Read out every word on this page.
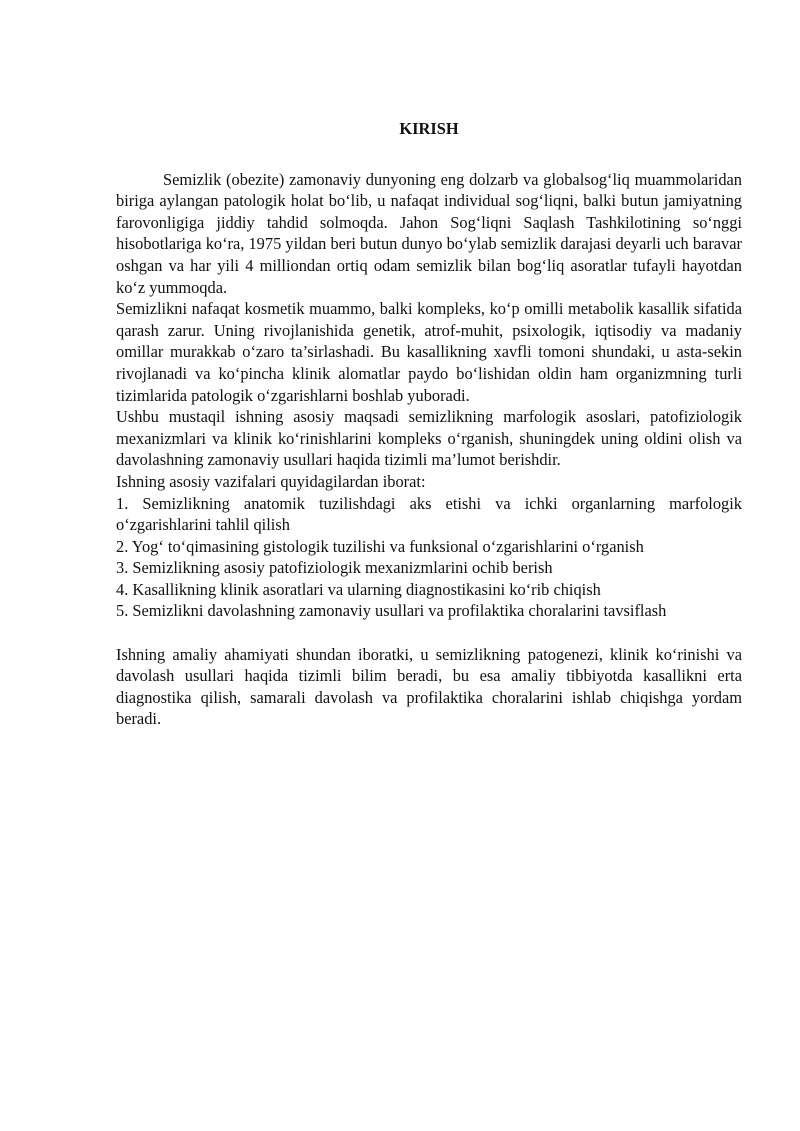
KIRISH

Semizlik (obezite) zamonaviy dunyoning eng dolzarb va globalsog‘liq muammolaridan biriga aylangan patologik holat bo‘lib, u nafaqat individual sog‘liqni, balki butun jamiyatning farovonligiga jiddiy tahdid solmoqda. Jahon Sog‘liqni Saqlash Tashkilotining so‘nggi hisobotlariga ko‘ra, 1975 yildan beri butun dunyo bo‘ylab semizlik darajasi deyarli uch baravar oshgan va har yili 4 milliondan ortiq odam semizlik bilan bog‘liq asoratlar tufayli hayotdan ko‘z yummoqda.

Semizlikni nafaqat kosmetik muammo, balki kompleks, ko‘p omilli metabolik kasallik sifatida qarash zarur. Uning rivojlanishida genetik, atrof-muhit, psixologik, iqtisodiy va madaniy omillar murakkab o‘zaro ta’sirlashadi. Bu kasallikning xavfli tomoni shundaki, u asta-sekin rivojlanadi va ko‘pincha klinik alomatlar paydo bo‘lishidan oldin ham organizmning turli tizimlarida patologik o‘zgarishlarni boshlab yuboradi.

Ushbu mustaqil ishning asosiy maqsadi semizlikning marfologik asoslari, patofiziologik mexanizmlari va klinik ko‘rinishlarini kompleks o‘rganish, shuningdek uning oldini olish va davolashning zamonaviy usullari haqida tizimli ma’lumot berishdir.

Ishning asosiy vazifalari quyidagilardan iborat:

1. Semizlikning anatomik tuzilishdagi aks etishi va ichki organlarning marfologik o‘zgarishlarini tahlil qilish

2. Yog‘ to‘qimasining gistologik tuzilishi va funksional o‘zgarishlarini o‘rganish

3. Semizlikning asosiy patofiziologik mexanizmlarini ochib berish

4. Kasallikning klinik asoratlari va ularning diagnostikasini ko‘rib chiqish

5. Semizlikni davolashning zamonaviy usullari va profilaktika choralarini tavsiflash

Ishning amaliy ahamiyati shundan iboratki, u semizlikning patogenezi, klinik ko‘rinishi va davolash usullari haqida tizimli bilim beradi, bu esa amaliy tibbiyotda kasallikni erta diagnostika qilish, samarali davolash va profilaktika choralarini ishlab chiqishga yordam beradi.
